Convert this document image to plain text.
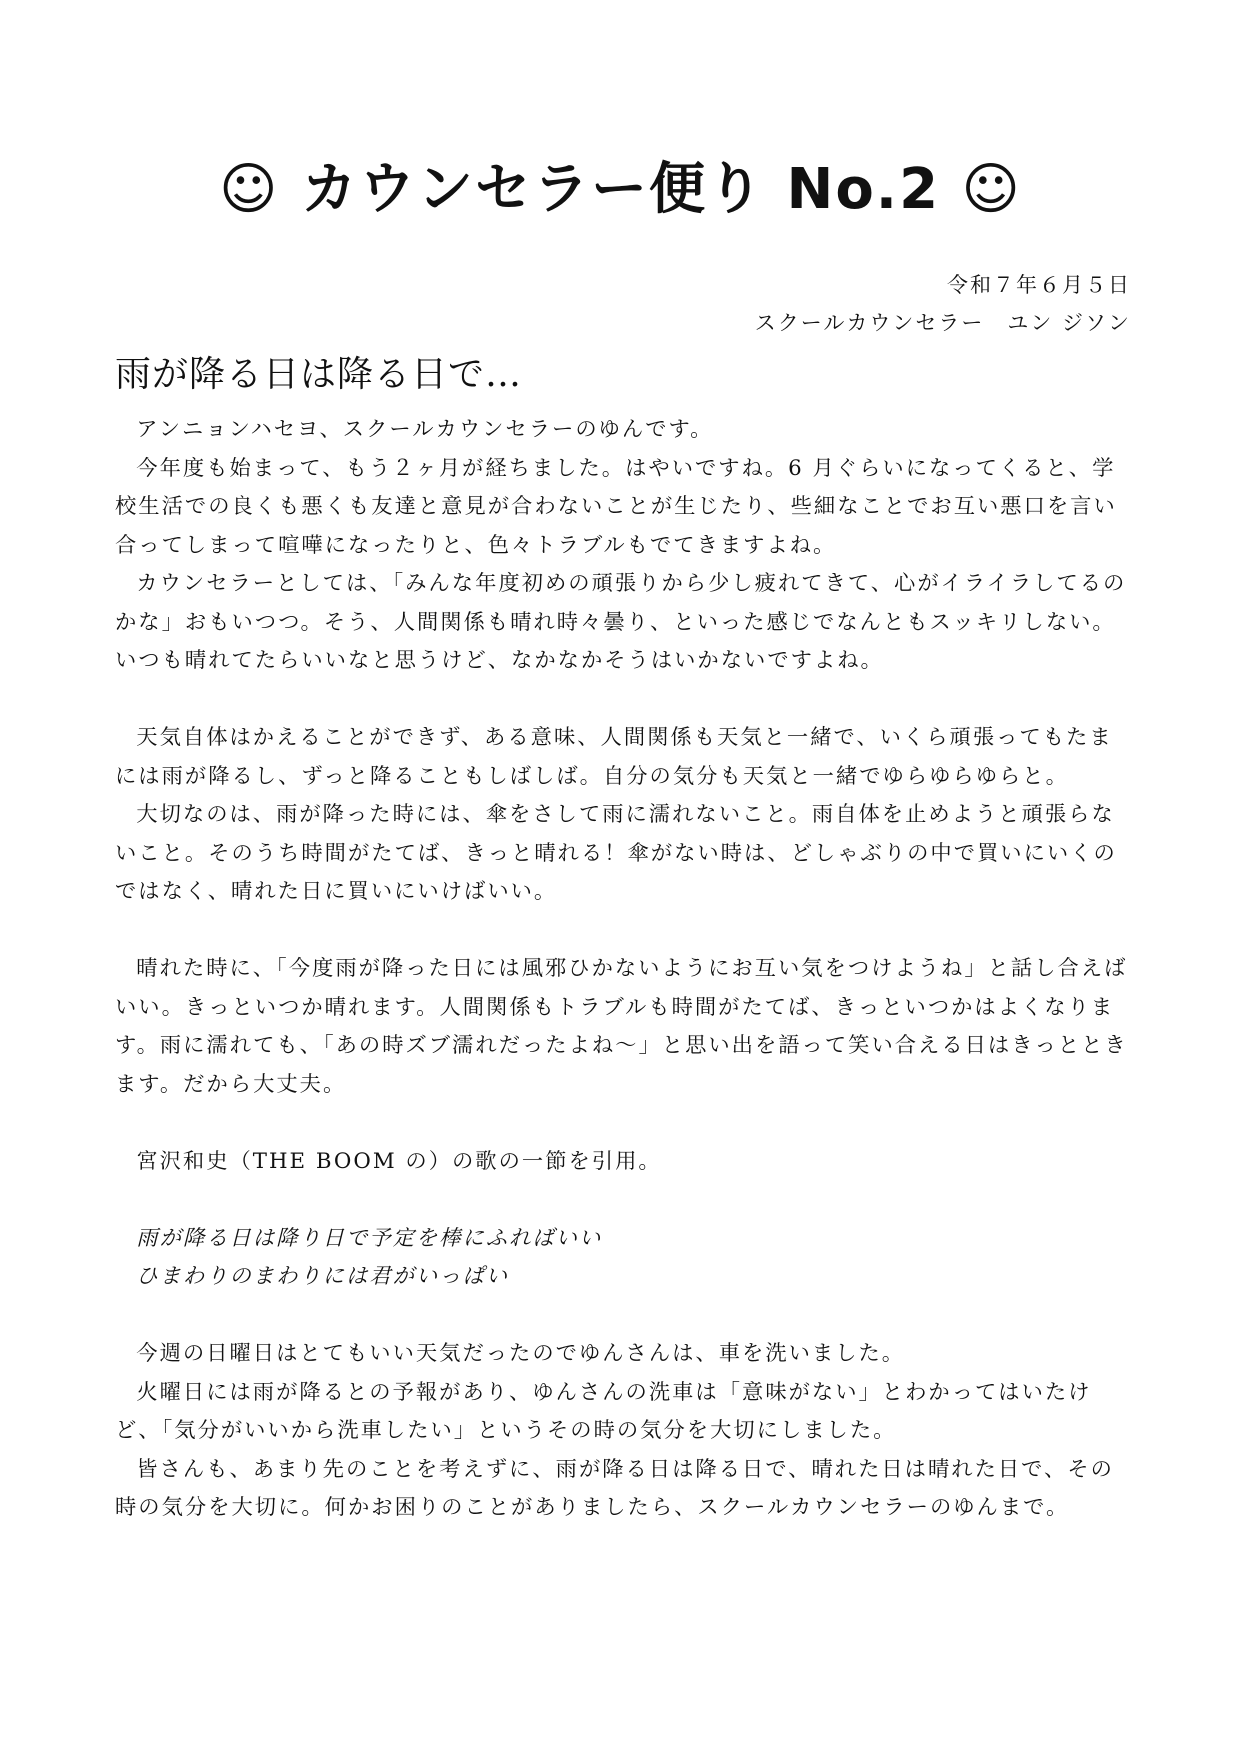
☺ カウンセラー便り No.2 ☺
令和７年６月５日
スクールカウンセラー　ユン ジソン
雨が降る日は降る日で…

アンニョンハセヨ、スクールカウンセラーのゆんです。

今年度も始まって、もう２ヶ月が経ちました。はやいですね。6 月ぐらいになってくると、学校生活での良くも悪くも友達と意見が合わないことが生じたり、些細なことでお互い悪口を言い合ってしまって喧嘩になったりと、色々トラブルもでてきますよね。

カウンセラーとしては、「みんな年度初めの頑張りから少し疲れてきて、心がイライラしてるのかな」おもいつつ。そう、人間関係も晴れ時々曇り、といった感じでなんともスッキリしない。いつも晴れてたらいいなと思うけど、なかなかそうはいかないですよね。

天気自体はかえることができず、ある意味、人間関係も天気と一緒で、いくら頑張ってもたまには雨が降るし、ずっと降ることもしばしば。自分の気分も天気と一緒でゆらゆらゆらと。

大切なのは、雨が降った時には、傘をさして雨に濡れないこと。雨自体を止めようと頑張らないこと。そのうち時間がたてば、きっと晴れる！傘がない時は、どしゃぶりの中で買いにいくのではなく、晴れた日に買いにいけばいい。

晴れた時に、「今度雨が降った日には風邪ひかないようにお互い気をつけようね」と話し合えばいい。きっといつか晴れます。人間関係もトラブルも時間がたてば、きっといつかはよくなります。雨に濡れても、「あの時ズブ濡れだったよね〜」と思い出を語って笑い合える日はきっとときます。だから大丈夫。

宮沢和史（THE BOOM の）の歌の一節を引用。

雨が降る日は降り日で予定を棒にふればいい

ひまわりのまわりには君がいっぱい

今週の日曜日はとてもいい天気だったのでゆんさんは、車を洗いました。

火曜日には雨が降るとの予報があり、ゆんさんの洗車は「意味がない」とわかってはいたけど、「気分がいいから洗車したい」というその時の気分を大切にしました。

皆さんも、あまり先のことを考えずに、雨が降る日は降る日で、晴れた日は晴れた日で、その時の気分を大切に。何かお困りのことがありましたら、スクールカウンセラーのゆんまで。
